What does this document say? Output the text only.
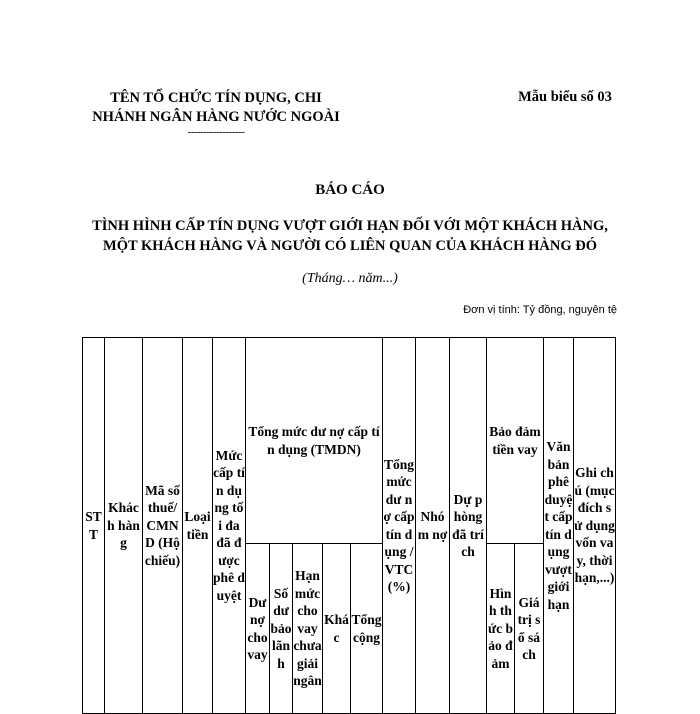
TÊN TỔ CHỨC TÍN DỤNG, CHI
NHÁNH NGÂN HÀNG NƯỚC NGOÀI
------------------
Mẫu biểu số 03
BÁO CÁO
TÌNH HÌNH CẤP TÍN DỤNG VƯỢT GIỚI HẠN ĐỐI VỚI MỘT KHÁCH HÀNG,
MỘT KHÁCH HÀNG VÀ NGƯỜI CÓ LIÊN QUAN CỦA KHÁCH HÀNG ĐÓ
(Tháng… năm...)
Đơn vị tính: Tỷ đồng, nguyên tệ
STT	Khách hàng	Mã số thuế/ CMND (Hộ chiếu)	Loại tiền	Mức cấp tín dụng tối đa đã được phê duyệt	Tổng mức dư nợ cấp tín dụng (TMDN)					Tổng mức dư nợ cấp tín dụng / VTC (%)	Nhóm nợ	Dự phòng đã trích	Bảo đảm tiền vay		Văn bản phê duyệt cấp tín dụng vượt giới hạn	Ghi chú (mục đích sử dụng vốn vay, thời hạn,...)
					Dư nợ cho vay	Số dư bảo lãnh	Hạn mức cho vay chưa giải ngân	Khác	Tổng cộng				Hình thức bảo đảm	Giá trị sổ sách		
